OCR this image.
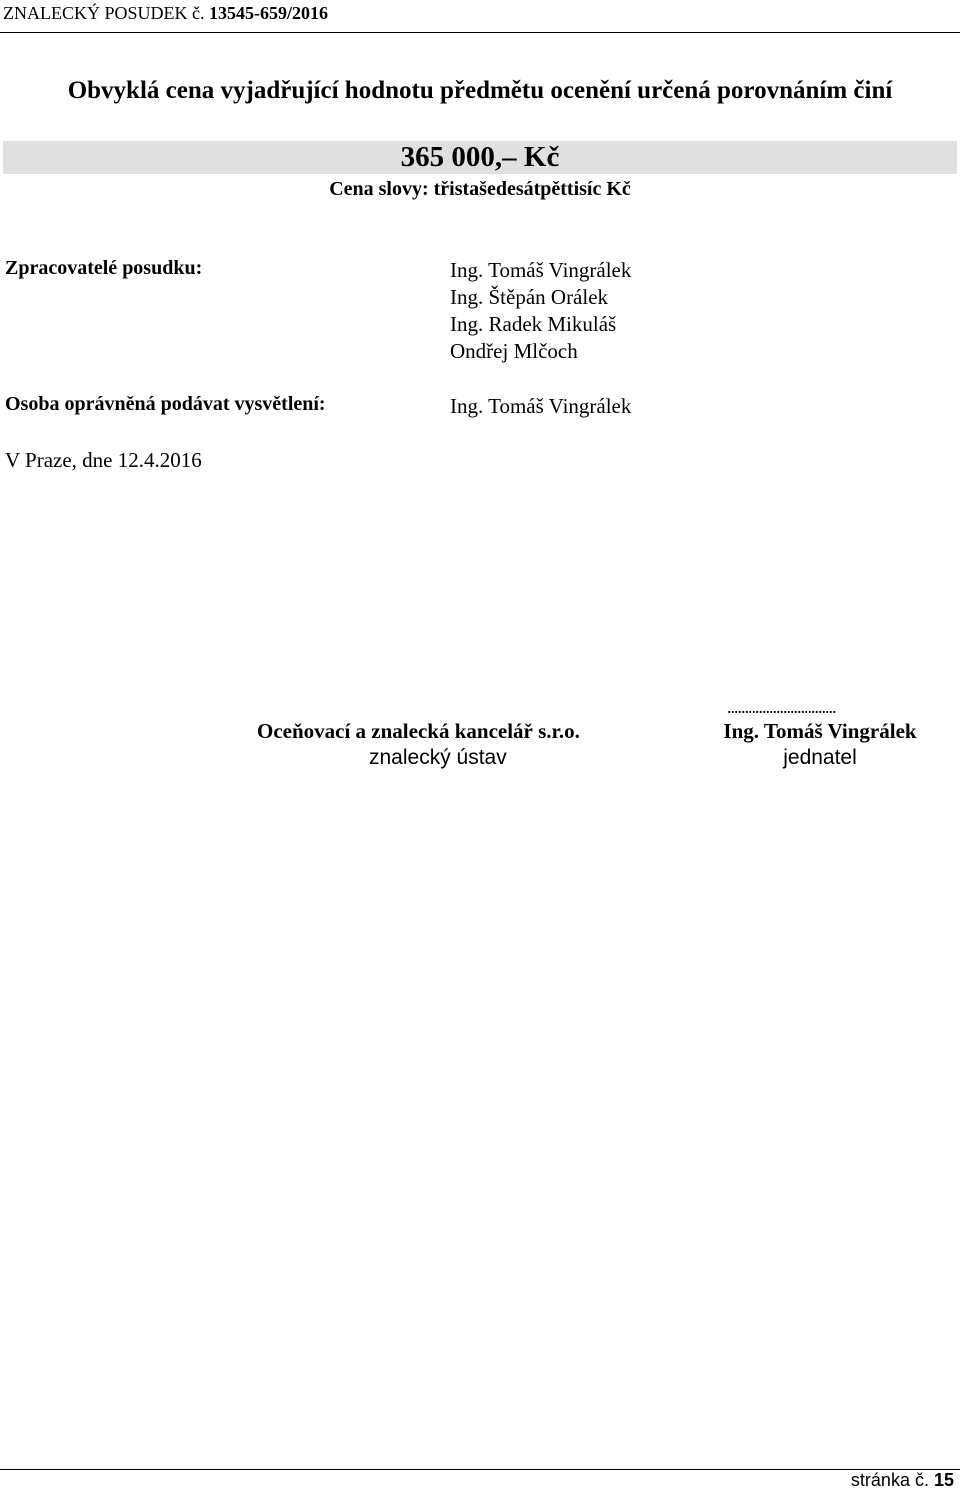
ZNALECKÝ POSUDEK č. 13545-659/2016
Obvyklá cena vyjadřující hodnotu předmětu ocenění určená porovnáním činí
365 000,– Kč
Cena slovy: třistašedesátpěttisíc Kč
Zpracovatelé posudku:	Ing. Tomáš Vingrálek
Ing. Štěpán Orálek
Ing. Radek Mikuláš
Ondřej Mlčoch
Osoba oprávněná podávat vysvětlení:	Ing. Tomáš Vingrálek
V Praze, dne 12.4.2016
Oceňovací a znalecká kancelář s.r.o.
znalecký ústav
...............................
Ing. Tomáš Vingrálek
jednatel
stránka č. 15
